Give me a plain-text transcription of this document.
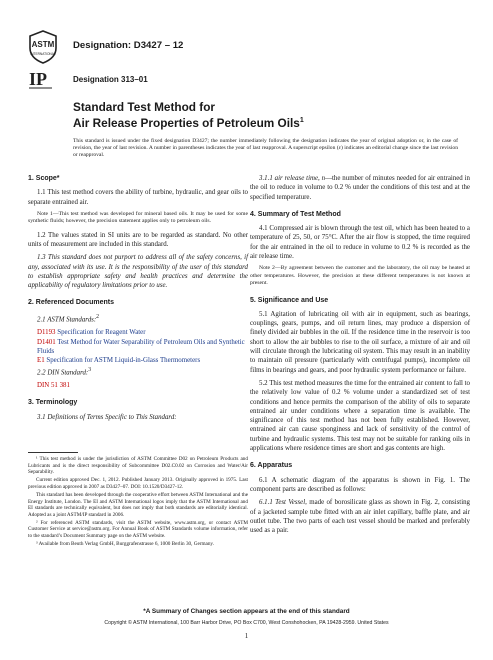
ASTM
INTERNATIONAL
IP
Designation: D3427 – 12
Designation 313–01
Standard Test Method for
Air Release Properties of Petroleum Oils$^1$
This standard is issued under the fixed designation D3427; the number immediately following the designation indicates the year of original adoption or, in the case of revision, the year of last revision. A number in parentheses indicates the year of last reapproval. A superscript epsilon (ε) indicates an editorial change since the last revision or reapproval.
1. Scope*

1.1 This test method covers the ability of turbine, hydraulic, and gear oils to separate entrained air.

Note 1—This test method was developed for mineral based oils. It may be used for some synthetic fluids; however, the precision statement applies only to petroleum oils.

1.2 The values stated in SI units are to be regarded as standard. No other units of measurement are included in this standard.

1.3 This standard does not purport to address all of the safety concerns, if any, associated with its use. It is the responsibility of the user of this standard to establish appropriate safety and health practices and determine the applicability of regulatory limitations prior to use.

2. Referenced Documents

2.1 ASTM Standards:$^2$

D1193 Specification for Reagent Water
D1401 Test Method for Water Separability of Petroleum Oils and Synthetic Fluids
E1 Specification for ASTM Liquid-in-Glass Thermometers

2.2 DIN Standard:$^3$

DIN 51 381
3. Terminology

3.1 Definitions of Terms Specific to This Standard:

¹ This test method is under the jurisdiction of ASTM Committee D02 on Petroleum Products and Lubricants and is the direct responsibility of Subcommittee D02.C0.02 on Corrosion and Water/Air Separability.

Current edition approved Dec. 1, 2012. Published January 2013. Originally approved in 1975. Last previous edition approved in 2007 as D3427–07. DOI: 10.1520/D3427-12.

This standard has been developed through the cooperative effort between ASTM International and the Energy Institute, London. The EI and ASTM International logos imply that the ASTM International and EI standards are technically equivalent, but does not imply that both standards are editorially identical. Adopted as a joint ASTM/IP standard in 2006.

² For referenced ASTM standards, visit the ASTM website, www.astm.org, or contact ASTM Customer Service at service@astm.org. For Annual Book of ASTM Standards volume information, refer to the standard’s Document Summary page on the ASTM website.

³ Available from Beuth Verlag GmbH, Burggrafenstrasse 6, 1000 Berlin 30, Germany.

3.1.1 air release time, n—the number of minutes needed for air entrained in the oil to reduce in volume to 0.2 % under the conditions of this test and at the specified temperature.

4. Summary of Test Method

4.1 Compressed air is blown through the test oil, which has been heated to a temperature of 25, 50, or 75°C. After the air flow is stopped, the time required for the air entrained in the oil to reduce in volume to 0.2 % is recorded as the air release time.

Note 2—By agreement between the customer and the laboratory, the oil may be heated at other temperatures. However, the precision at these different temperatures is not known at present.

5. Significance and Use

5.1 Agitation of lubricating oil with air in equipment, such as bearings, couplings, gears, pumps, and oil return lines, may produce a dispersion of finely divided air bubbles in the oil. If the residence time in the reservoir is too short to allow the air bubbles to rise to the oil surface, a mixture of air and oil will circulate through the lubricating oil system. This may result in an inability to maintain oil pressure (particularly with centrifugal pumps), incomplete oil films in bearings and gears, and poor hydraulic system performance or failure.

5.2 This test method measures the time for the entrained air content to fall to the relatively low value of 0.2 % volume under a standardized set of test conditions and hence permits the comparison of the ability of oils to separate entrained air under conditions where a separation time is available. The significance of this test method has not been fully established. However, entrained air can cause sponginess and lack of sensitivity of the control of turbine and hydraulic systems. This test may not be suitable for ranking oils in applications where residence times are short and gas contents are high.

6. Apparatus

6.1 A schematic diagram of the apparatus is shown in Fig. 1. The component parts are described as follows:

6.1.1 Test Vessel, made of borosilicate glass as shown in Fig. 2, consisting of a jacketed sample tube fitted with an air inlet capillary, baffle plate, and air outlet tube. The two parts of each test vessel should be marked and preferably used as a pair.

*A Summary of Changes section appears at the end of this standard
Copyright © ASTM International, 100 Barr Harbor Drive, PO Box C700, West Conshohocken, PA 19428-2959. United States
1
